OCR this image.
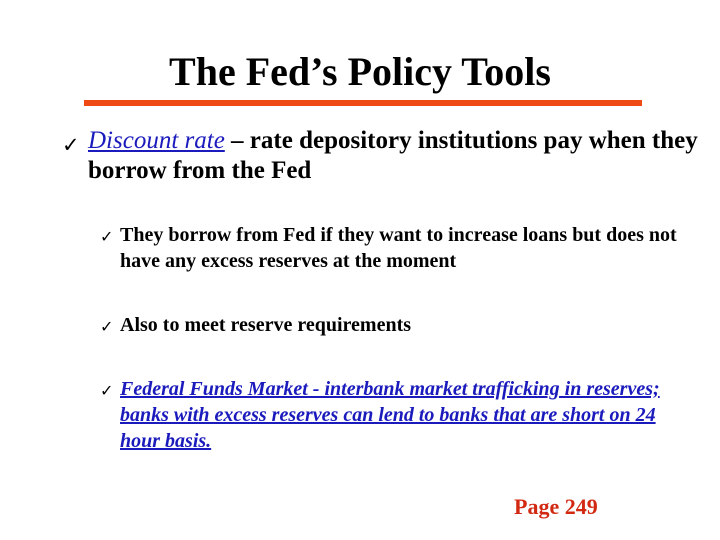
The Fed’s Policy Tools
✓ Discount rate – rate depository institutions pay when they borrow from the Fed
✓ They borrow from Fed if they want to increase loans but does not have any excess reserves at the moment
✓ Also to meet reserve requirements
✓ Federal Funds Market - interbank market trafficking in reserves; banks with excess reserves can lend to banks that are short on 24 hour basis.
Page 249
